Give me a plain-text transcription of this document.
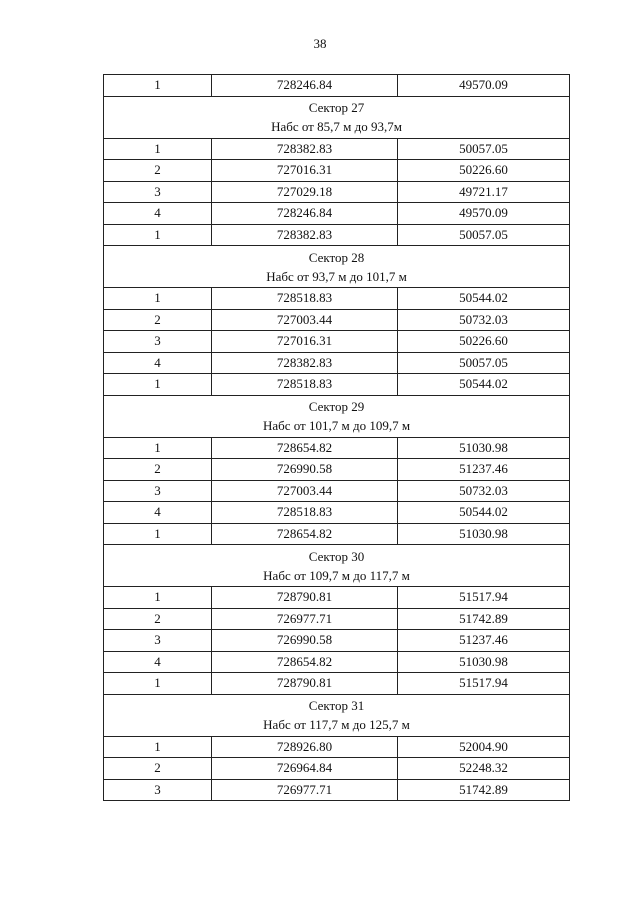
38
1	728246.84	49570.09

Сектор 27
Набс от 85,7 м до 93,7м		

1	728382.83	50057.05
2	727016.31	50226.60
3	727029.18	49721.17
4	728246.84	49570.09
1	728382.83	50057.05

Сектор 28
Набс от 93,7 м до 101,7 м		

1	728518.83	50544.02
2	727003.44	50732.03
3	727016.31	50226.60
4	728382.83	50057.05
1	728518.83	50544.02

Сектор 29
Набс от 101,7 м до 109,7 м		

1	728654.82	51030.98
2	726990.58	51237.46
3	727003.44	50732.03
4	728518.83	50544.02
1	728654.82	51030.98

Сектор 30
Набс от 109,7 м до 117,7 м		

1	728790.81	51517.94
2	726977.71	51742.89
3	726990.58	51237.46
4	728654.82	51030.98
1	728790.81	51517.94

Сектор 31
Набс от 117,7 м до 125,7 м		

1	728926.80	52004.90
2	726964.84	52248.32
3	726977.71	51742.89
